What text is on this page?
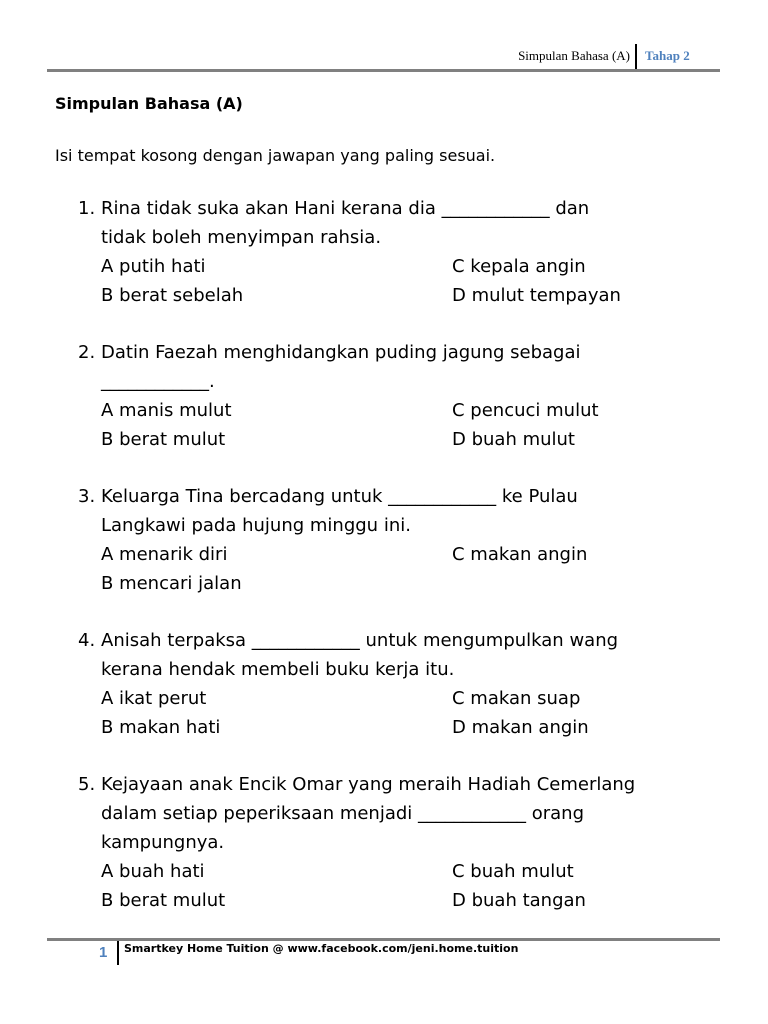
Simpulan Bahasa (A) Tahap 2
Simpulan Bahasa (A)
Isi tempat kosong dengan jawapan yang paling sesuai.
1. Rina tidak suka akan Hani kerana dia ____________ dan
tidak boleh menyimpan rahsia.
A putih hati	C kepala angin
B berat sebelah	D mulut tempayan
2. Datin Faezah menghidangkan puding jagung sebagai
____________.
A manis mulut	C pencuci mulut
B berat mulut	D buah mulut
3. Keluarga Tina bercadang untuk ____________ ke Pulau
Langkawi pada hujung minggu ini.
A menarik diri	C makan angin
B mencari jalan
4. Anisah terpaksa ____________ untuk mengumpulkan wang
kerana hendak membeli buku kerja itu.
A ikat perut	C makan suap
B makan hati	D makan angin
5. Kejayaan anak Encik Omar yang meraih Hadiah Cemerlang
dalam setiap peperiksaan menjadi ____________ orang
kampungnya.
A buah hati	C buah mulut
B berat mulut	D buah tangan
1 Smartkey Home Tuition @ www.facebook.com/jeni.home.tuition
